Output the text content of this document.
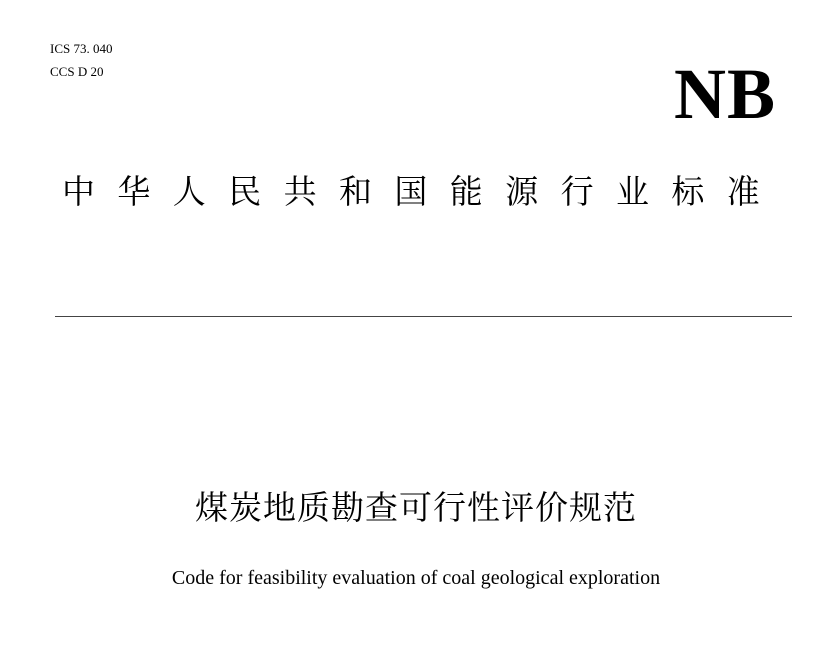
ICS 73. 040
CCS D 20	NB
中华人民共和国能源行业标准
煤炭地质勘查可行性评价规范
Code for feasibility evaluation of coal geological exploration
